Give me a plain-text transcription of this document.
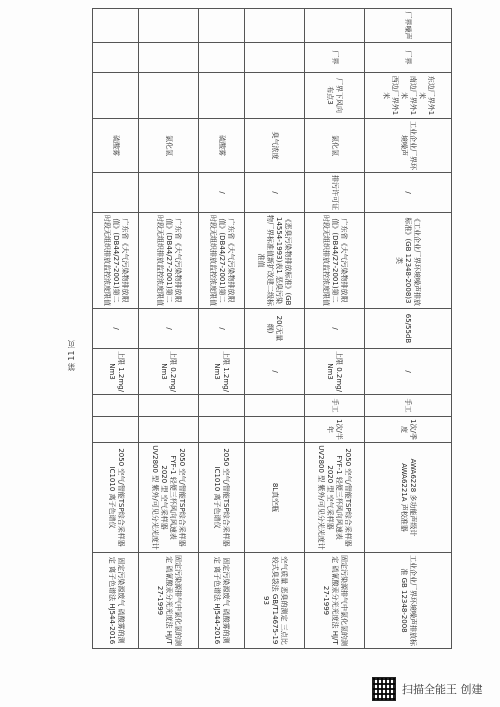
厂界噪声	厂界	东边厂界外1米
南边厂界外1米
西边厂界外1米	工业企业厂界环境噪声	/	《工业企业厂界环境噪声排放标准》(GB 12348-2008)3类	65/55dB	/	手工	1次/季度	AWA6228 多功能声级计
AWA6221A 声校准器	工业企业厂界环境噪声排放标准 GB 12348-2008
	厂界	厂界下风向布点3	氯化氢	排污许可证	广东省《大气污染物排放限值》(DB44/27-2001)第二时段无组织排放监控浓度限值	/	上限 0.2mg/Nm3	手工	1次/半年	2050 空气/智能TSP综合采样器
FYF-1 轻便三杯风向风速表
2020 型 空气采样器
UV2800 型 紫外/可见分光光度计	固定污染源排气中氯化氢的测定 硫氰酸汞分光光度法 HJ/T 27-1999
			臭气浓度	/	《恶臭污染物排放标准》(GB 14554-1993)表1 恶臭污染物厂界标准值新扩改建二级标准值	20(无量纲)	/			8L真空瓶	空气质量 恶臭的测定 三点比较式臭袋法 GB/T14675-1993
			硫酸雾	/	广东省《大气污染物排放限值》(DB44/27-2001)第二时段无组织排放监控浓度限值	/	上限 1.2mg/Nm3			2050 空气/智能TSP综合采样器
IC1010 离子色谱仪	固定污染源废气 硫酸雾的测定 离子色谱法 HJ544-2016
			氯化氢		广东省《大气污染物排放限值》(DB44/27-2001)第二时段无组织排放监控浓度限值	/	上限 0.2mg/Nm3			2050 空气/智能TSP综合采样器
FYF-1 轻便三杯风向风速表
2020 型 空气采样器
UV2800 型 紫外/可见分光光度计	固定污染源排气中氯化氢的测定 硫氰酸汞分光光度法 HJ/T 27-1999
			硫酸雾		广东省《大气污染物排放限值》(DB44/27-2001)第二时段无组织排放监控浓度限值	/	上限 1.2mg/Nm3			2050 空气/智能TSP综合采样器
IC1010 离子色谱仪	固定污染源废气 硫酸雾的测定 离子色谱法 HJ544-2016
第 11 页
扫描全能王 创建
